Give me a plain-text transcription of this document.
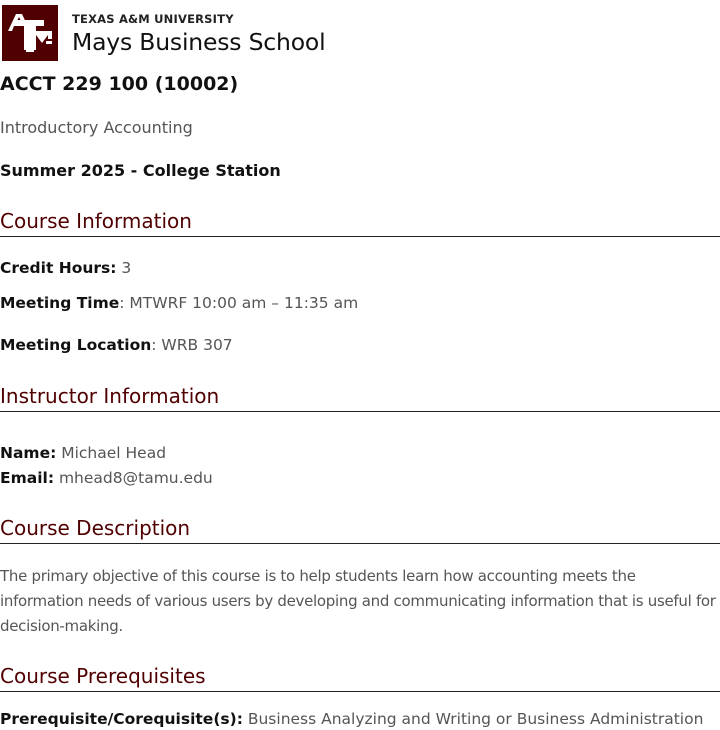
TEXAS A&M UNIVERSITY
Mays Business School
ACCT 229 100 (10002)
Introductory Accounting
Summer 2025 - College Station
Course Information
Credit Hours: 3
Meeting Time: MTWRF 10:00 am – 11:35 am
Meeting Location: WRB 307
Instructor Information
Name: Michael Head
Email: mhead8@tamu.edu
Course Description
The primary objective of this course is to help students learn how accounting meets the information needs of various users by developing and communicating information that is useful for decision-making.
Course Prerequisites
Prerequisite/Corequisite(s): Business Analyzing and Writing or Business Administration
